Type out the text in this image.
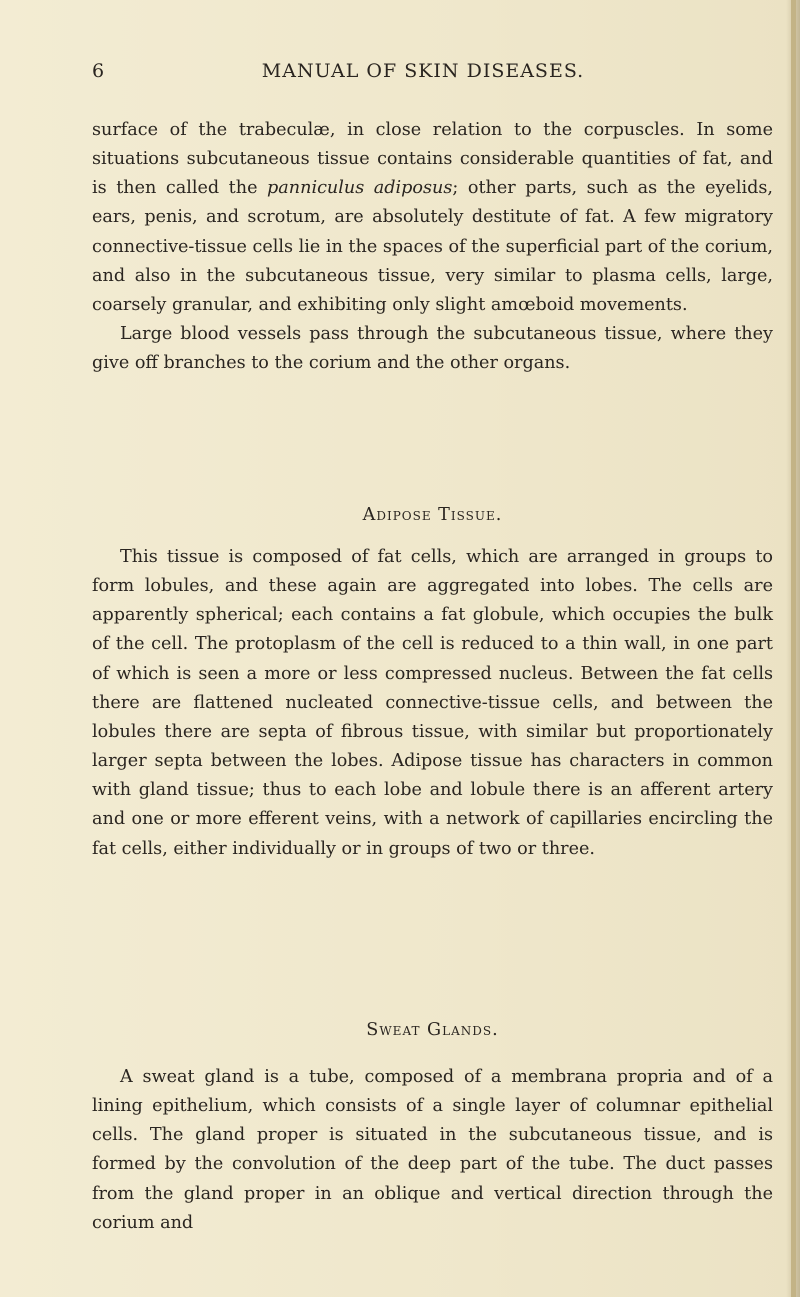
6	MANUAL OF SKIN DISEASES.

surface of the trabeculæ, in close relation to the corpuscles. In some situations subcutaneous tissue contains considerable quantities of fat, and is then called the panniculus adiposus; other parts, such as the eyelids, ears, penis, and scrotum, are absolutely destitute of fat. A few migratory connective-tissue cells lie in the spaces of the superficial part of the corium, and also in the subcutaneous tissue, very similar to plasma cells, large, coarsely granular, and exhibiting only slight amœboid movements.

Large blood vessels pass through the subcutaneous tissue, where they give off branches to the corium and the other organs.

Adipose Tissue.

This tissue is composed of fat cells, which are arranged in groups to form lobules, and these again are aggregated into lobes. The cells are apparently spherical; each contains a fat globule, which occupies the bulk of the cell. The protoplasm of the cell is reduced to a thin wall, in one part of which is seen a more or less compressed nucleus. Between the fat cells there are flattened nucleated connective-tissue cells, and between the lobules there are septa of fibrous tissue, with similar but proportionately larger septa between the lobes. Adipose tissue has characters in common with gland tissue; thus to each lobe and lobule there is an afferent artery and one or more efferent veins, with a network of capillaries encircling the fat cells, either individually or in groups of two or three.

Sweat Glands.

A sweat gland is a tube, composed of a membrana propria and of a lining epithelium, which consists of a single layer of columnar epithelial cells. The gland proper is situated in the subcutaneous tissue, and is formed by the convolution of the deep part of the tube. The duct passes from the gland proper in an oblique and vertical direction through the corium and
